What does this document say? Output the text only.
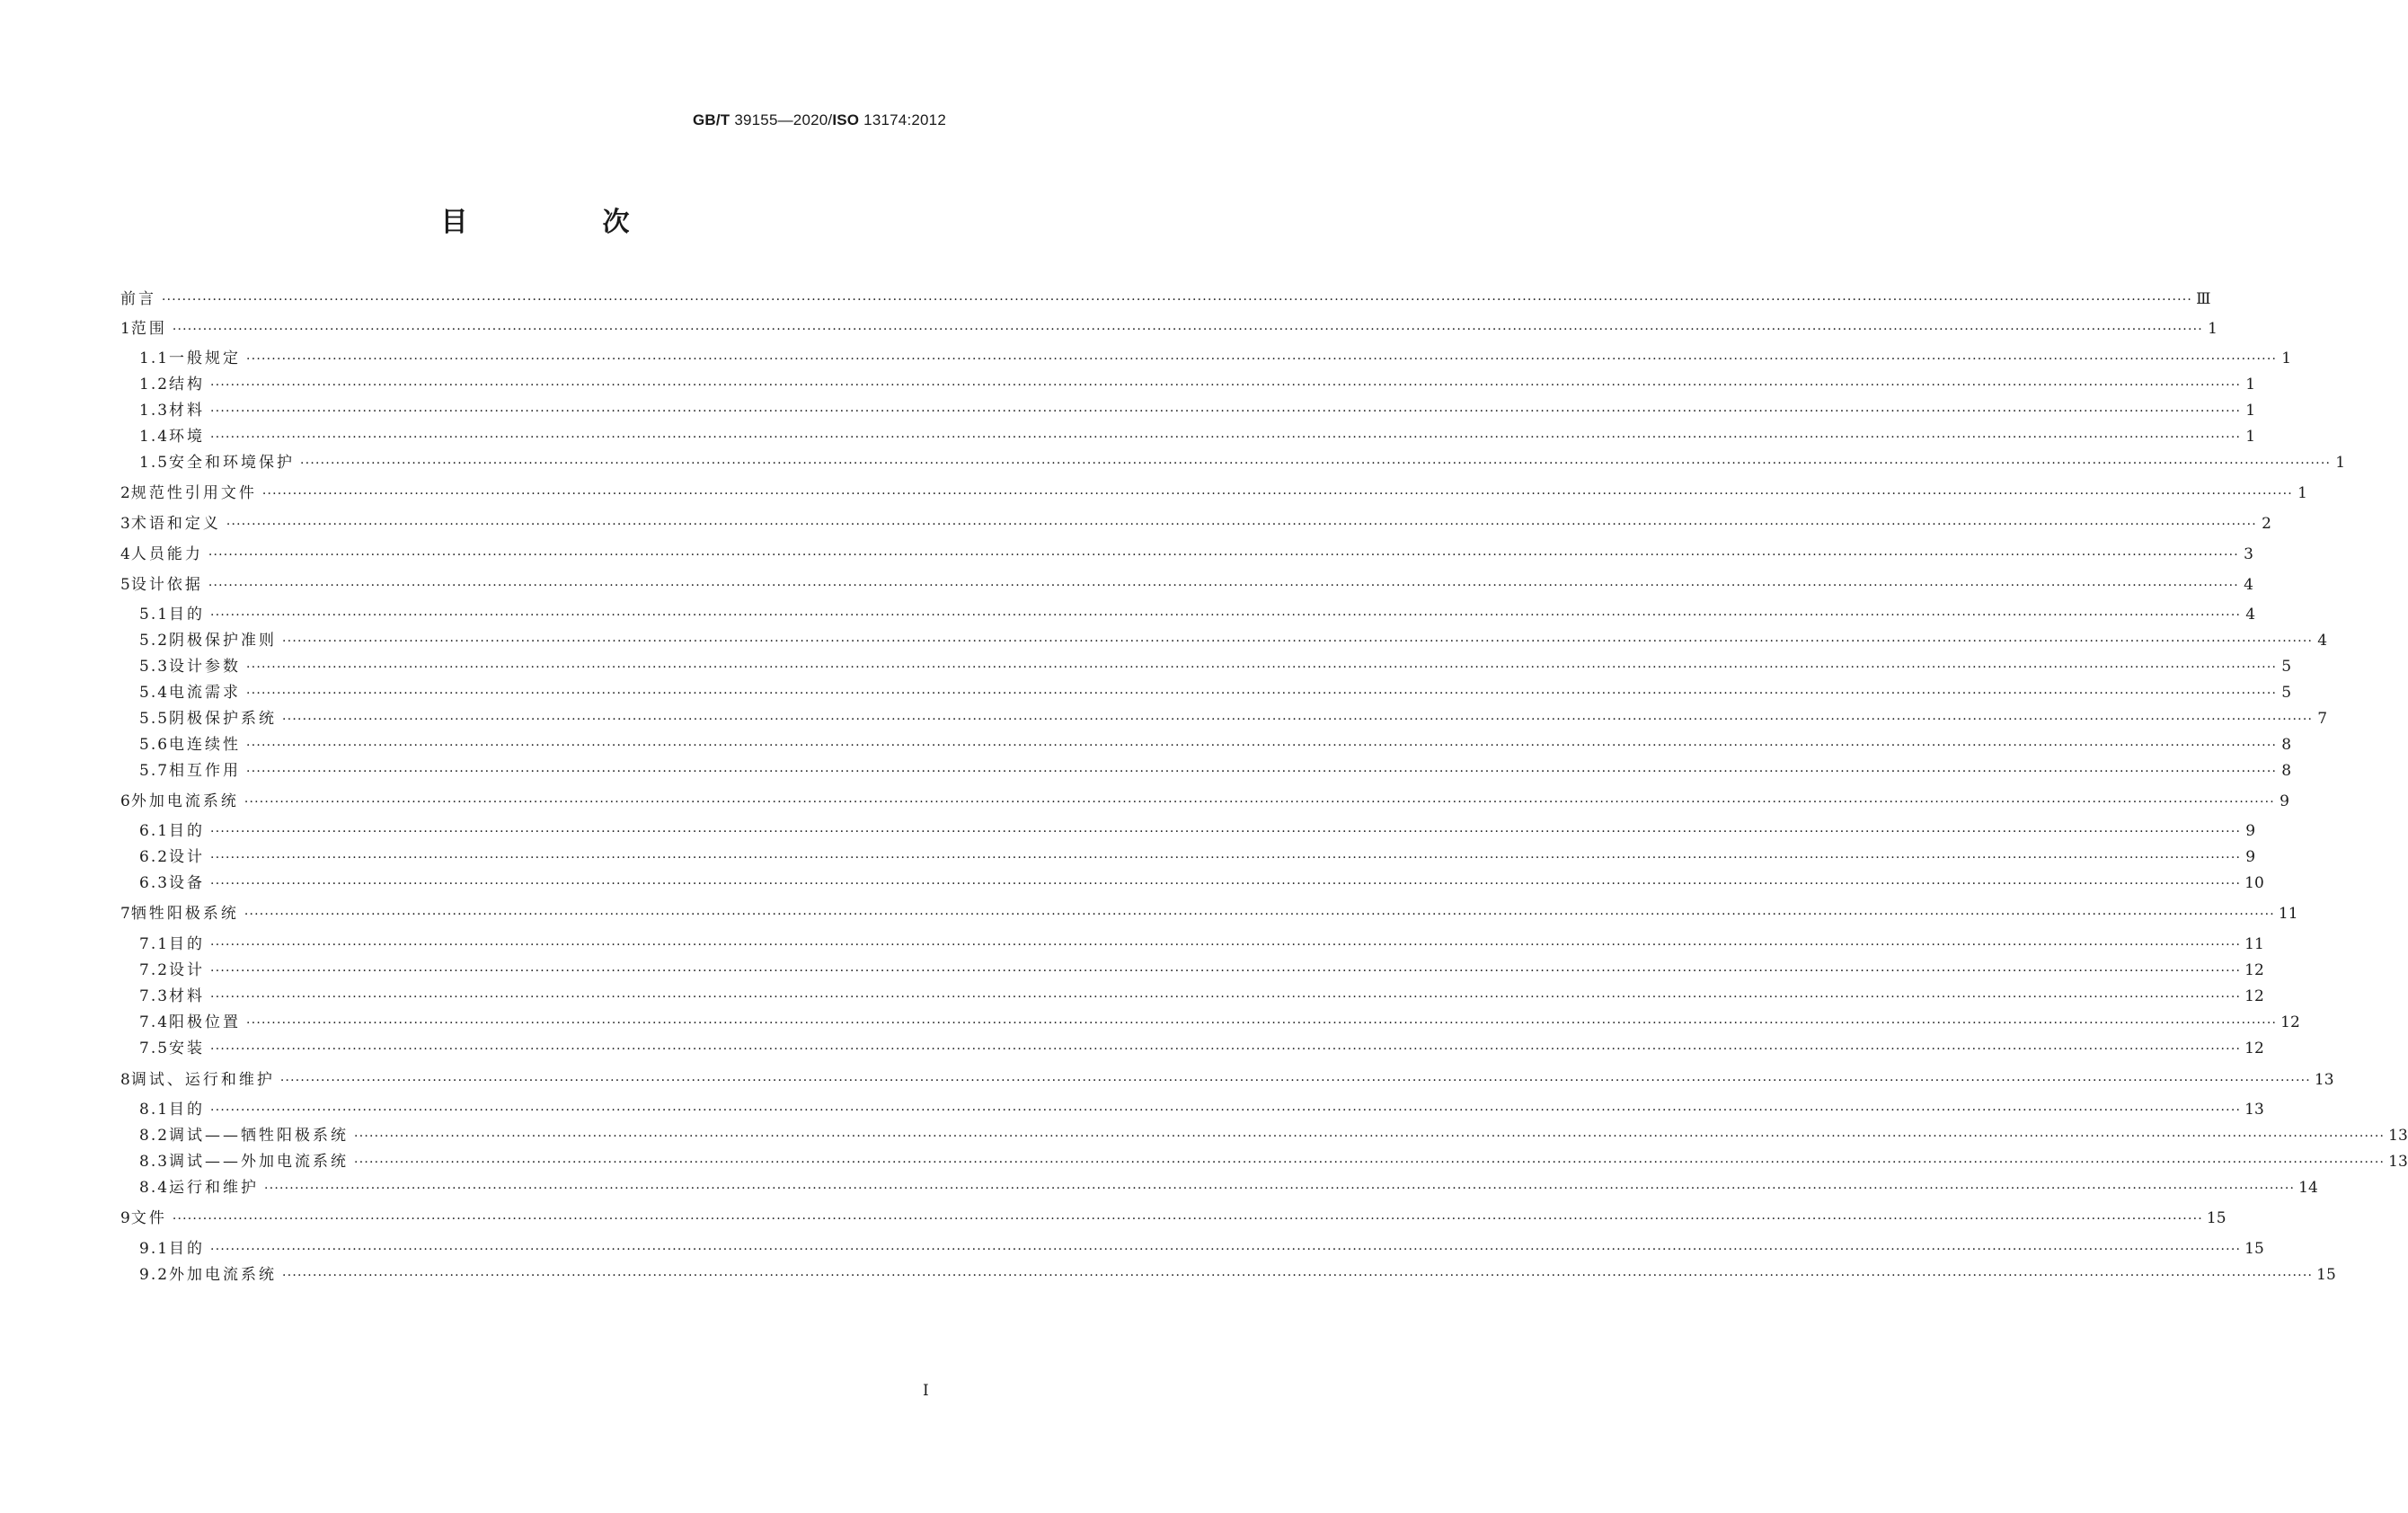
GB/T 39155—2020/ISO 13174:2012
目　次
前言 ················································································································································································································································································································································································································ Ⅲ
1 范围 ················································································································································································································································································································································································································ 1
1.1 一般规定 ················································································································································································································································································································································································································ 1
1.2 结构 ················································································································································································································································································································································································································ 1
1.3 材料 ················································································································································································································································································································································································································ 1
1.4 环境 ················································································································································································································································································································································································································ 1
1.5 安全和环境保护 ················································································································································································································································································································································································································ 1
2 规范性引用文件 ················································································································································································································································································································································································································ 1
3 术语和定义 ················································································································································································································································································································································································································ 2
4 人员能力 ················································································································································································································································································································································································································ 3
5 设计依据 ················································································································································································································································································································································································································ 4
5.1 目的 ················································································································································································································································································································································································································ 4
5.2 阴极保护准则 ················································································································································································································································································································································································································ 4
5.3 设计参数 ················································································································································································································································································································································································································ 5
5.4 电流需求 ················································································································································································································································································································································································································ 5
5.5 阴极保护系统 ················································································································································································································································································································································································································ 7
5.6 电连续性 ················································································································································································································································································································································································································ 8
5.7 相互作用 ················································································································································································································································································································································································································ 8
6 外加电流系统 ················································································································································································································································································································································································································ 9
6.1 目的 ················································································································································································································································································································································································································ 9
6.2 设计 ················································································································································································································································································································································································································ 9
6.3 设备 ················································································································································································································································································································································································································ 10
7 牺牲阳极系统 ················································································································································································································································································································································································································ 11
7.1 目的 ················································································································································································································································································································································································································ 11
7.2 设计 ················································································································································································································································································································································································································ 12
7.3 材料 ················································································································································································································································································································································································································ 12
7.4 阳极位置 ················································································································································································································································································································································································································ 12
7.5 安装 ················································································································································································································································································································································································································ 12
8 调试、运行和维护 ················································································································································································································································································································································································································ 13
8.1 目的 ················································································································································································································································································································································································································ 13
8.2 调试——牺牲阳极系统 ················································································································································································································································································································································································································ 13
8.3 调试——外加电流系统 ················································································································································································································································································································································································································ 13
8.4 运行和维护 ················································································································································································································································································································································································································ 14
9 文件 ················································································································································································································································································································································································································ 15
9.1 目的 ················································································································································································································································································································································································································ 15
9.2 外加电流系统 ················································································································································································································································································································································································································ 15
I
